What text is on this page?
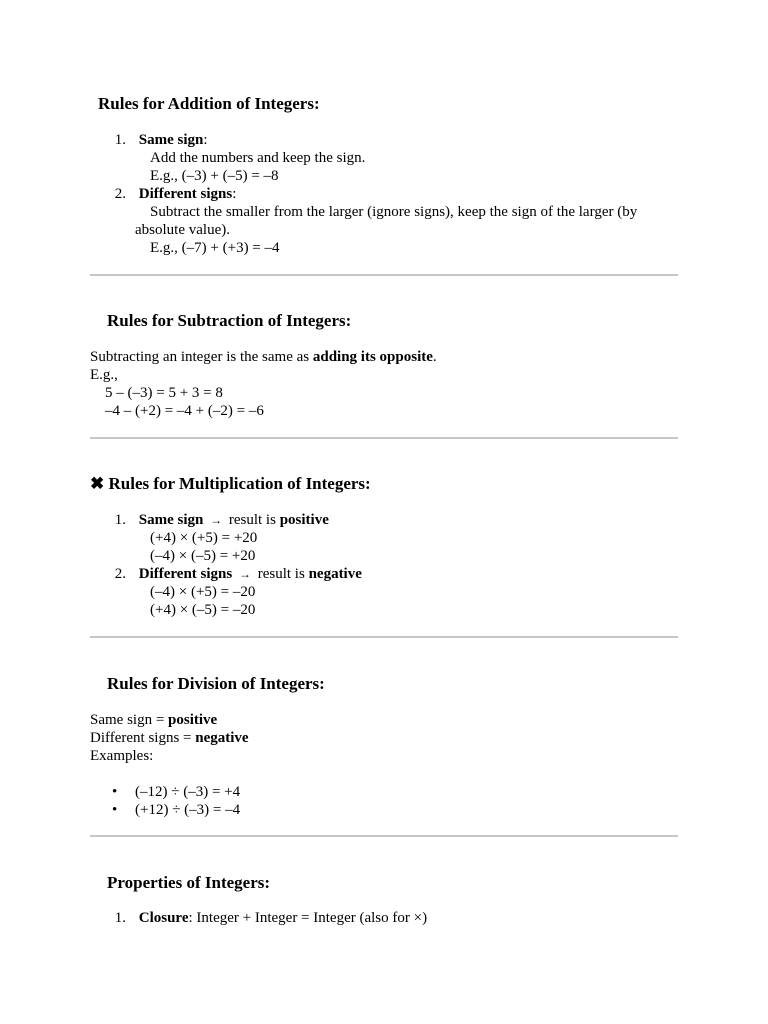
Rules for Addition of Integers:
1. Same sign:
Add the numbers and keep the sign.
E.g., (–3) + (–5) = –8
2. Different signs:
Subtract the smaller from the larger (ignore signs), keep the sign of the larger (by absolute value).
E.g., (–7) + (+3) = –4
Rules for Subtraction of Integers:
Subtracting an integer is the same as adding its opposite.
E.g.,
5 – (–3) = 5 + 3 = 8
–4 – (+2) = –4 + (–2) = –6
✖ Rules for Multiplication of Integers:
1. Same sign → result is positive
(+4) × (+5) = +20
(–4) × (–5) = +20
2. Different signs → result is negative
(–4) × (+5) = –20
(+4) × (–5) = –20
Rules for Division of Integers:
Same sign = positive
Different signs = negative
Examples:
• (–12) ÷ (–3) = +4
• (+12) ÷ (–3) = –4
Properties of Integers:
1. Closure: Integer + Integer = Integer (also for ×)
